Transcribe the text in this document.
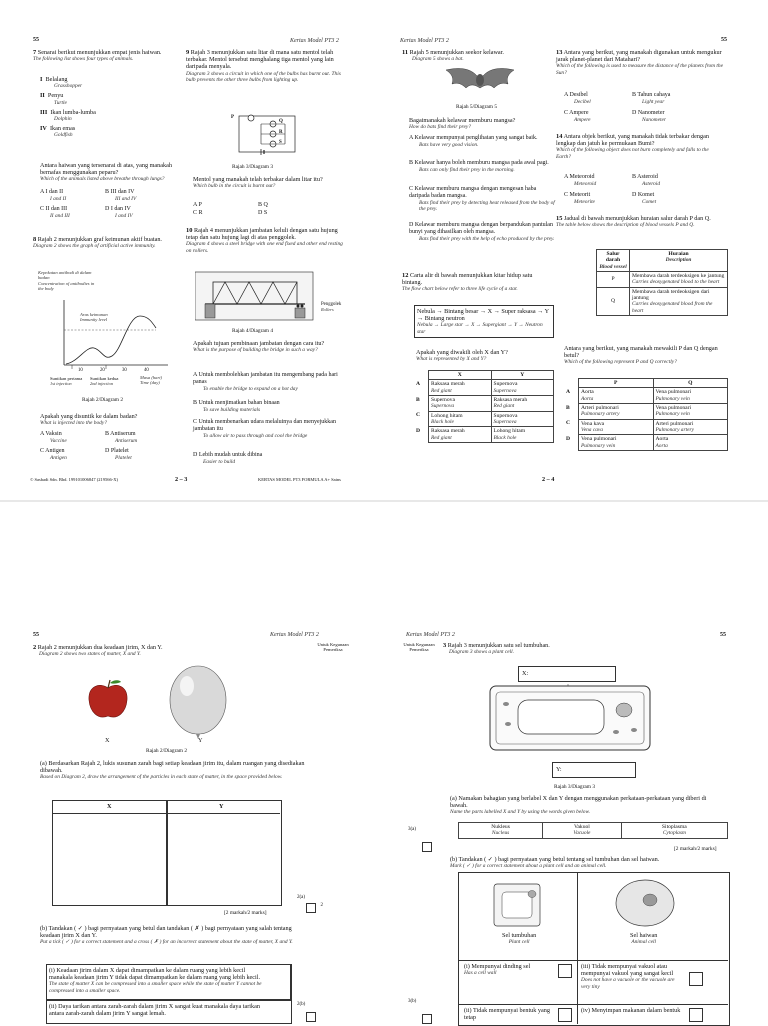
55	Kertas Model PT3 2
7 Senarai berikut menunjukkan empat jenis haiwan.
The following list shows four types of animals.
I Belalang
Grasshopper
II Penyu
Turtle
III Ikan lumba-lumba
Dolphin
IV Ikan emas
Goldfish
Antara haiwan yang tersenarai di atas, yang manakah bernafas menggunakan peparu?
Which of the animals listed above breathe through lungs?
A I dan II
I and II
B III dan IV
III and IV
C II dan III
II and III
D I dan IV
I and IV
8 Rajah 2 menunjukkan graf keimunan aktif buatan.
Diagram 2 shows the graph of artificial active immunity.
Kepekatan antibodi di dalam badan
Concentration of antibodies in the body
Aras keimunan
Immunity level
10	20	30	40
Masa (hari)
Time (day)
Suntikan pertama
1st injection
Suntikan kedua
2nd injection
Rajah 2/Diagram 2
Apakah yang disuntik ke dalam badan?
What is injected into the body?
A Vaksin
Vaccine
B Antiserum
Antiserum
C Antigen
Antigen
D Platelet
Platelet
9 Rajah 3 menunjukkan satu litar di mana satu mentol telah terbakar. Mentol tersebut menghalang tiga mentol yang lain daripada menyala.
Diagram 3 shows a circuit in which one of the bulbs has burnt out. This bulb prevents the other three bulbs from lighting up.
P
Q
R
S
Rajah 3/Diagram 3
Mentol yang manakah telah terbakar dalam litar itu?
Which bulb in the circuit is burnt out?
A P	B Q
C R	D S
10 Rajah 4 menunjukkan jambatan keluli dengan satu hujung tetap dan satu hujung lagi di atas penggolek.
Diagram 4 shows a steel bridge with one end fixed and other end resting on rollers.
Penggolek
Rollers
Rajah 4/Diagram 4
Apakah tujuan pembinaan jambatan dengan cara itu?
What is the purpose of building the bridge in such a way?
A Untuk membolehkan jambatan itu mengembang pada hari panas
To enable the bridge to expand on a hot day
B Untuk menjimatkan bahan binaan
To save building materials
C Untuk membenarkan udara melaluinya dan menyejukkan jambatan itu
To allow air to pass through and cool the bridge
D Lebih mudah untuk dibina
Easier to build
© Sasbadi Sdn. Bhd. 199101006847 (219566-X)	2 – 3	KERTAS MODEL PT3 FORMULA A+ Sains
Kertas Model PT3 2	55
11 Rajah 5 menunjukkan seekor kelawar.
Diagram 5 shows a bat.
Rajah 5/Diagram 5
Bagaimanakah kelawar memburu mangsa?
How do bats find their prey?
A Kelawar mempunyai penglihatan yang sangat baik.
Bats have very good vision.
B Kelawar hanya boleh memburu mangsa pada awal pagi.
Bats can only find their prey in the morning.
C Kelawar memburu mangsa dengan mengesan haba daripada badan mangsa.
Bats find their prey by detecting heat released from the body of the prey.
D Kelawar memburu mangsa dengan berpandukan pantulan bunyi yang dihasilkan oleh mangsa.
Bats find their prey with the help of echo produced by the prey.
12 Carta alir di bawah menunjukkan kitar hidup satu bintang.
The flow chart below refer to three life cycle of a star.
Nebula → Bintang besar → X → Super raksasa → Y → Bintang neutron
Nebula → Large star → X → Supergiant → Y → Neutron star
Apakah yang diwakili oleh X dan Y?
What is represented by X and Y?
	X	Y
A	Raksasa merah
Red giant	Supernova
Supernova

B	Supernova
Supernova	Raksasa merah
Red giant

C	Lohong hitam
Black hole	Supernova
Supernova

D	Raksasa merah
Red giant	Lohong hitam
Black hole
13 Antara yang berikut, yang manakah digunakan untuk mengukur jarak planet-planet dari Matahari?
Which of the following is used to measure the distance of the planets from the Sun?
A Desibel
Decibel
B Tahun cahaya
Light year
C Ampere
Ampere
D Nanometer
Nanometer
14 Antara objek berikut, yang manakah tidak terbakar dengan lengkap dan jatuh ke permukaan Bumi?
Which of the following object does not burn completely and falls to the Earth?
A Meteoroid
Meteoroid
B Asteroid
Asteroid
C Meteorit
Meteorite
D Komet
Comet
15 Jadual di bawah menunjukkan huraian salur darah P dan Q.
The table below shows the description of blood vessels P and Q.
Salur darah
Blood vessel	Huraian
Description

P	Membawa darah terdeoksigen ke jantung
Carries deoxygenated blood to the heart

Q	Membawa darah terdeoksigen dari jantung
Carries deoxygenated blood from the heart
Antara yang berikut, yang manakah mewakili P dan Q dengan betul?
Which of the following represent P and Q correctly?
	P	Q
A	Aorta
Aorta	Vena pulmonari
Pulmonary vein

B	Arteri pulmonari
Pulmonary artery	Vena pulmonari
Pulmonary vein

C	Vena kava
Vena cava	Arteri pulmonari
Pulmonary artery

D	Vena pulmonari
Pulmonary vein	Aorta
Aorta
2 – 4
55	Kertas Model PT3 2
Untuk Kegunaan Pemeriksa
2 Rajah 2 menunjukkan dua keadaan jirim, X dan Y.
Diagram 2 shows two states of matter, X and Y.
X	Y
Rajah 2/Diagram 2
(a) Berdasarkan Rajah 2, lukis susunan zarah bagi setiap keadaan jirim itu, dalam ruangan yang disediakan dibawah.
Based on Diagram 2, draw the arrangement of the particles in each state of matter, in the space provided below.
X	Y
[2 markah/2 marks]
2(a)
2
(b) Tandakan ( ✓ ) bagi pernyataan yang betul dan tandakan ( ✗ ) bagi pernyataan yang salah tentang keadaan jirim X dan Y.
Put a tick ( ✓ ) for a correct statement and a cross ( ✗ ) for an incorrect statement about the state of matter, X and Y.
(i) Keadaan jirim dalam X dapat dimampatkan ke dalam ruang yang lebih kecil manakala keadaan jirim Y tidak dapat dimampatkan ke dalam ruang yang lebih kecil.
The state of matter X can be compressed into a smaller space while the state of matter Y cannot be compressed into a smaller space.
(ii) Daya tarikan antara zarah-zarah dalam jirim X sangat kuat manakala daya tarikan antara zarah-zarah dalam jirim Y sangat lemah.
2(b)
Kertas Model PT3 2	55
Untuk Kegunaan Pemeriksa
3 Rajah 3 menunjukkan satu sel tumbuhan.
Diagram 3 shows a plant cell.
X:
Y:
Rajah 3/Diagram 3
(a) Namakan bahagian yang berlabel X dan Y dengan menggunakan perkataan-perkataan yang diberi di bawah.
Name the parts labelled X and Y by using the words given below.
Nukleus
Nucleus
	Vakuol
Vacuole
	Sitoplasma
Cytoplasm
3(a)
[2 markah/2 marks]
(b) Tandakan ( ✓ ) bagi pernyataan yang betul tentang sel tumbuhan dan sel haiwan.
Mark ( ✓ ) for a correct statement about a plant cell and an animal cell.
Sel tumbuhan
Plant cell
Sel haiwan
Animal cell
(i) Mempunyai dinding sel
Has a cell wall
(iii) Tidak mempunyai vakuol atau mempunyai vakuol yang sangat kecil
Does not have a vacuole or the vacuole are very tiny
(ii) Tidak mempunyai bentuk yang tetap
(iv) Menyimpan makanan dalam bentuk
3(b)
